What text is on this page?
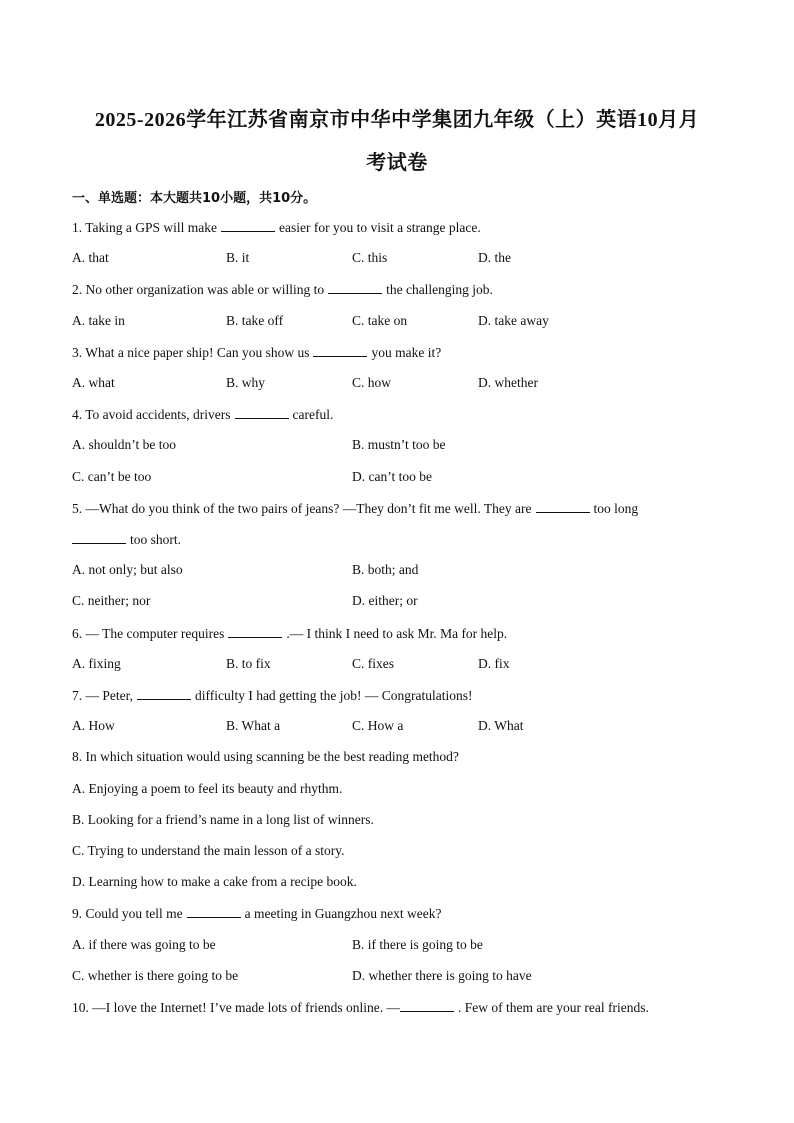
2025-2026学年江苏省南京市中华中学集团九年级（上）英语10月月
考试卷
一、单选题：本大题共10小题，共10分。
1. Taking a GPS will make	easier for you to visit a strange place.
A. that	B. it	C. this	D. the
2. No other organization was able or willing to	the challenging job.
A. take in	B. take off	C. take on	D. take away
3. What a nice paper ship! Can you show us	you make it?
A. what	B. why	C. how	D. whether
4. To avoid accidents, drivers	careful.
A. shouldn’t be too	B. mustn’t too be
C. can’t be too	D. can’t too be
5. —What do you think of the two pairs of jeans? —They don’t fit me well. They are	too long
too short.
A. not only; but also	B. both; and
C. neither; nor	D. either; or
6. — The computer requires	.— I think I need to ask Mr. Ma for help.
A. fixing	B. to fix	C. fixes	D. fix
7. — Peter,	difficulty I had getting the job! — Congratulations!
A. How	B. What a	C. How a	D. What
8. In which situation would using scanning be the best reading method?
A. Enjoying a poem to feel its beauty and rhythm.
B. Looking for a friend’s name in a long list of winners.
C. Trying to understand the main lesson of a story.
D. Learning how to make a cake from a recipe book.
9. Could you tell me	a meeting in Guangzhou next week?
A. if there was going to be	B. if there is going to be
C. whether is there going to be	D. whether there is going to have
10. —I love the Internet! I’ve made lots of friends online. —	. Few of them are your real friends.
